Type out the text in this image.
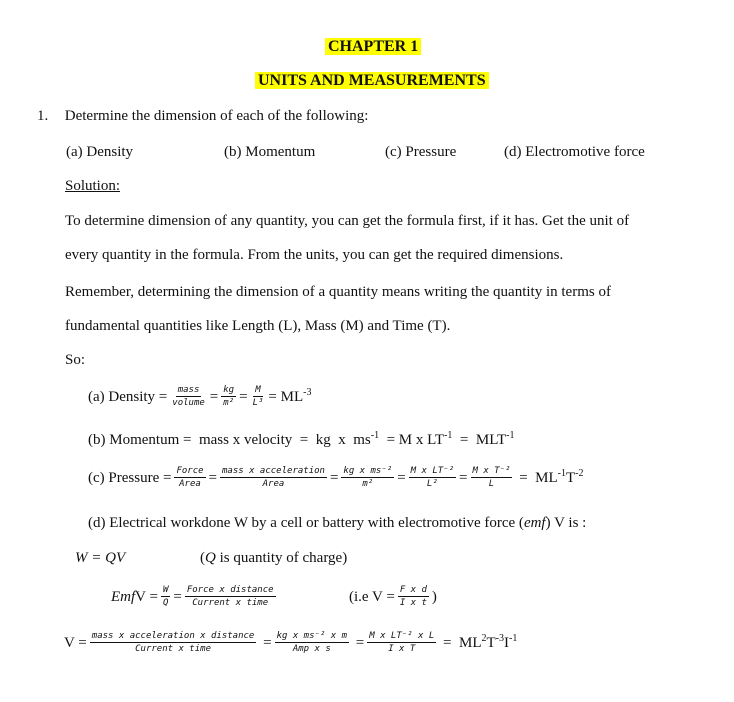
CHAPTER 1
UNITS AND MEASUREMENTS
1. Determine the dimension of each of the following:
(a) Density	(b) Momentum	(c) Pressure	(d) Electromotive force
Solution:
To determine dimension of any quantity, you can get the formula first, if it has. Get the unit of
every quantity in the formula. From the units, you can get the required dimensions.
Remember, determining the dimension of a quantity means writing the quantity in terms of
fundamental quantities like Length (L), Mass (M) and Time (T).
So:
(a) Density = $\frac{\text{mass}}{\text{volume}} = \frac{kg}{\text{m²}} = \frac{M}{\text{L³}} = ML^{-3}$
(b) Momentum =  mass x velocity  =  kg  x  $ms^{-1} = M$ x $LT^{-1} = MLT^{-1}$
(c) Pressure = $\frac{\text{Force}}{\text{Area}} = \frac{\text{mass x acceleration}}{\text{Area}} = \frac{\text{kg x ms⁻²}}{\text{m²}} = \frac{\text{M x LT⁻²}}{\text{L²}} = \frac{\text{M x T⁻²}}{L} = ML^{-1}T^{-2}$
(d) Electrical workdone W by a cell or battery with electromotive force (emf) V is :
W = QV	(Q is quantity of charge)
Emf $V = \frac{W}{Q} = \frac{\text{Force x distance}}{\text{Current x time}}$	(i.e $V = \frac{\text{F x d}}{\text{I x t}}$ )
$V = \frac{\text{mass x acceleration x distance}}{\text{Current x time}} = \frac{\text{kg x ms⁻² x m}}{\text{Amp x s}} = \frac{\text{M x LT⁻² x L}}{\text{I x T}} = ML^2T^{-3}I^{-1}$
